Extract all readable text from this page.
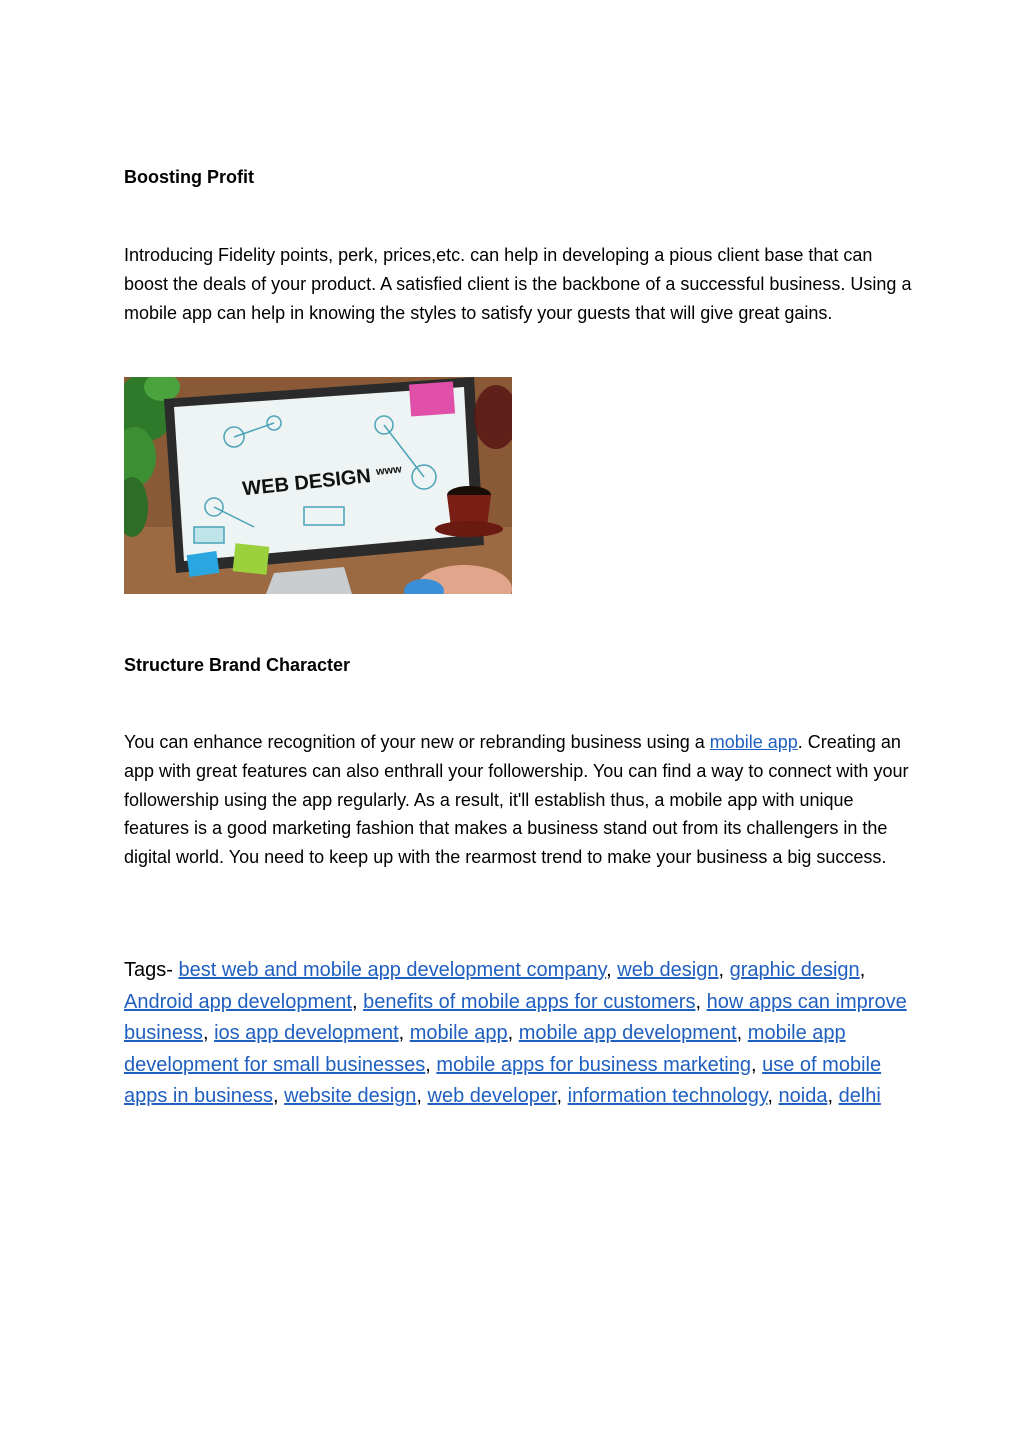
Boosting Profit

Introducing Fidelity points, perk, prices,etc. can help in developing a pious client base that can boost the deals of your product. A satisfied client is the backbone of a successful business. Using a mobile app can help in knowing the styles to satisfy your guests that will give great gains.

WEB DESIGN www
Structure Brand Character

You can enhance recognition of your new or rebranding business using a mobile app. Creating an app with great features can also enthrall your followership. You can find a way to connect with your followership using the app regularly. As a result, it'll establish thus, a mobile app with unique features is a good marketing fashion that makes a business stand out from its challengers in the digital world. You need to keep up with the rearmost trend to make your business a big success.

Tags- best web and mobile app development company, web design, graphic design, Android app development, benefits of mobile apps for customers, how apps can improve business, ios app development, mobile app, mobile app development, mobile app development for small businesses, mobile apps for business marketing, use of mobile apps in business, website design, web developer, information technology, noida, delhi
